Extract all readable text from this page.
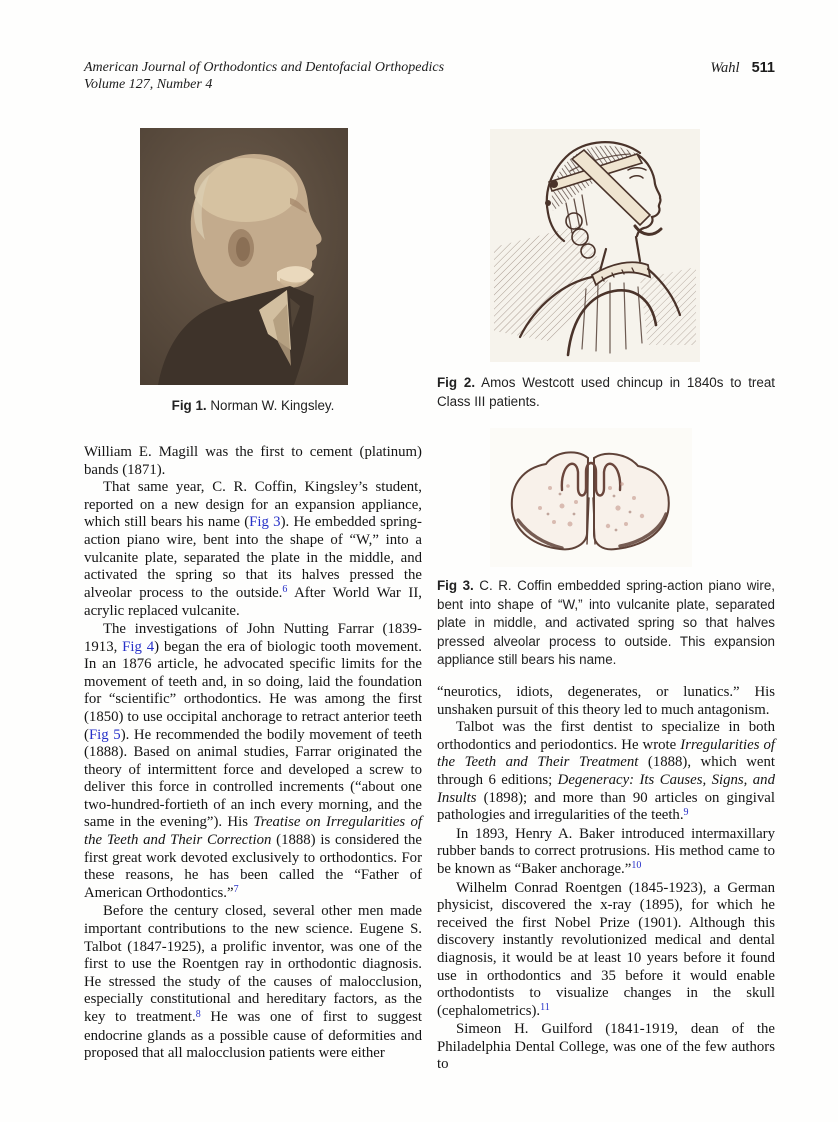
American Journal of Orthodontics and Dentofacial Orthopedics
Volume 127, Number 4
Wahl 511
Fig 1. Norman W. Kingsley.
Fig 2. Amos Westcott used chincup in 1840s to treat Class III patients.
Fig 3. C. R. Coffin embedded spring-action piano wire, bent into shape of “W,” into vulcanite plate, separated plate in middle, and activated spring so that halves pressed alveolar process to outside. This expansion appliance still bears his name.

William E. Magill was the first to cement (platinum) bands (1871).

That same year, C. R. Coffin, Kingsley’s student, reported on a new design for an expansion appliance, which still bears his name (Fig 3). He embedded spring-action piano wire, bent into the shape of “W,” into a vulcanite plate, separated the plate in the middle, and activated the spring so that its halves pressed the alveolar process to the outside.$^6$ After World War II, acrylic replaced vulcanite.

The investigations of John Nutting Farrar (1839-1913, Fig 4) began the era of biologic tooth movement. In an 1876 article, he advocated specific limits for the movement of teeth and, in so doing, laid the foundation for “scientific” orthodontics. He was among the first (1850) to use occipital anchorage to retract anterior teeth (Fig 5). He recommended the bodily movement of teeth (1888). Based on animal studies, Farrar originated the theory of intermittent force and developed a screw to deliver this force in controlled increments (“about one two-hundred-fortieth of an inch every morning, and the same in the evening”). His Treatise on Irregularities of the Teeth and Their Correction (1888) is considered the first great work devoted exclusively to orthodontics. For these reasons, he has been called the “Father of American Orthodontics.”$^7$

Before the century closed, several other men made important contributions to the new science. Eugene S. Talbot (1847-1925), a prolific inventor, was one of the first to use the Roentgen ray in orthodontic diagnosis. He stressed the study of the causes of malocclusion, especially constitutional and hereditary factors, as the key to treatment.$^8$ He was one of first to suggest endocrine glands as a possible cause of deformities and proposed that all malocclusion patients were either

“neurotics, idiots, degenerates, or lunatics.” His unshaken pursuit of this theory led to much antagonism.

Talbot was the first dentist to specialize in both orthodontics and periodontics. He wrote Irregularities of the Teeth and Their Treatment (1888), which went through 6 editions; Degeneracy: Its Causes, Signs, and Insults (1898); and more than 90 articles on gingival pathologies and irregularities of the teeth.$^9$

In 1893, Henry A. Baker introduced intermaxillary rubber bands to correct protrusions. His method came to be known as “Baker anchorage.”$^{10}$

Wilhelm Conrad Roentgen (1845-1923), a German physicist, discovered the x-ray (1895), for which he received the first Nobel Prize (1901). Although this discovery instantly revolutionized medical and dental diagnosis, it would be at least 10 years before it found use in orthodontics and 35 before it would enable orthodontists to visualize changes in the skull (cephalometrics).$^{11}$

Simeon H. Guilford (1841-1919, dean of the Philadelphia Dental College, was one of the few authors to
